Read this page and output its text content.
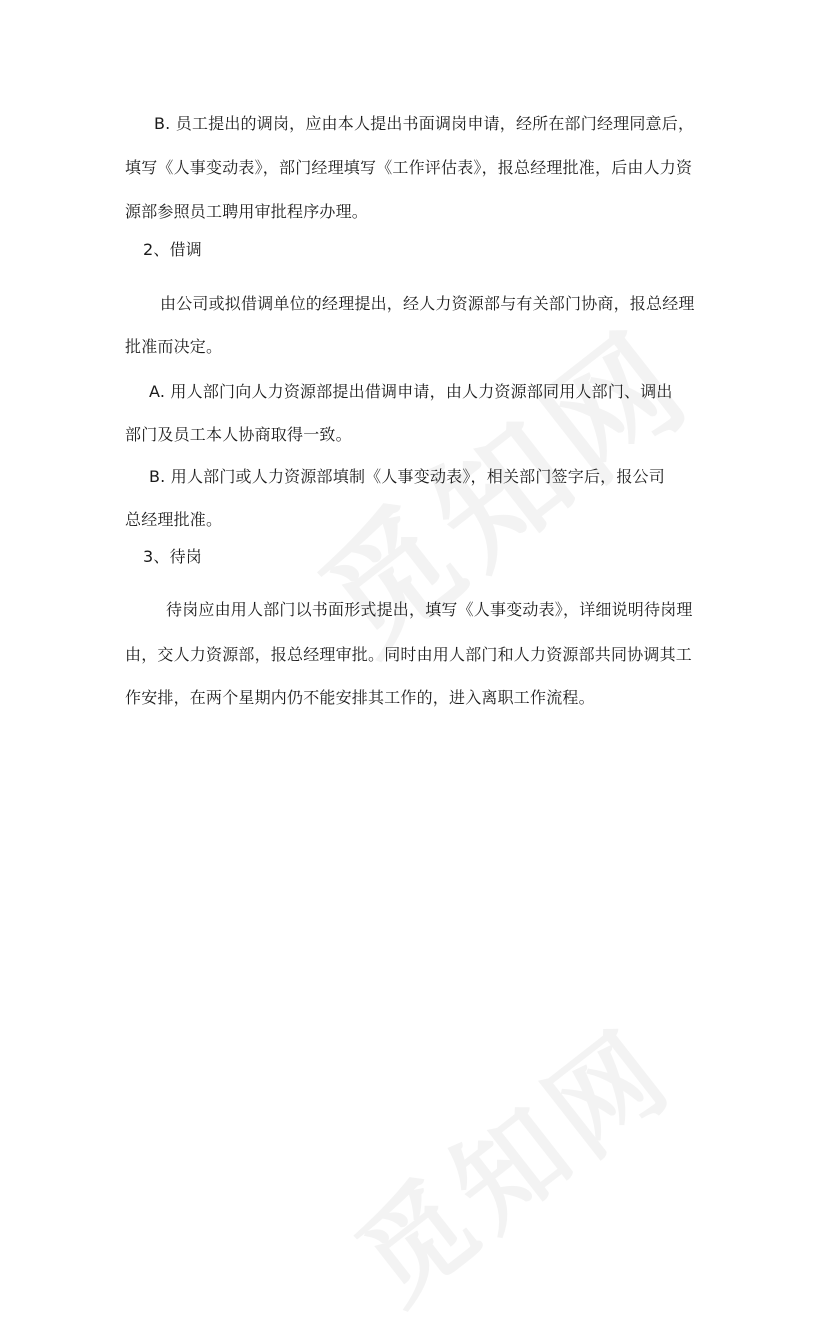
B. 员工提出的调岗，应由本人提出书面调岗申请，经所在部门经理同意后，
填写《人事变动表》，部门经理填写《工作评估表》，报总经理批准，后由人力资
源部参照员工聘用审批程序办理。
2、借调
由公司或拟借调单位的经理提出，经人力资源部与有关部门协商，报总经理
批准而决定。
A. 用人部门向人力资源部提出借调申请，由人力资源部同用人部门、调出
部门及员工本人协商取得一致。
B. 用人部门或人力资源部填制《人事变动表》，相关部门签字后，报公司
总经理批准。
3、待岗
待岗应由用人部门以书面形式提出，填写《人事变动表》，详细说明待岗理
由，交人力资源部，报总经理审批。同时由用人部门和人力资源部共同协调其工
作安排，在两个星期内仍不能安排其工作的，进入离职工作流程。
